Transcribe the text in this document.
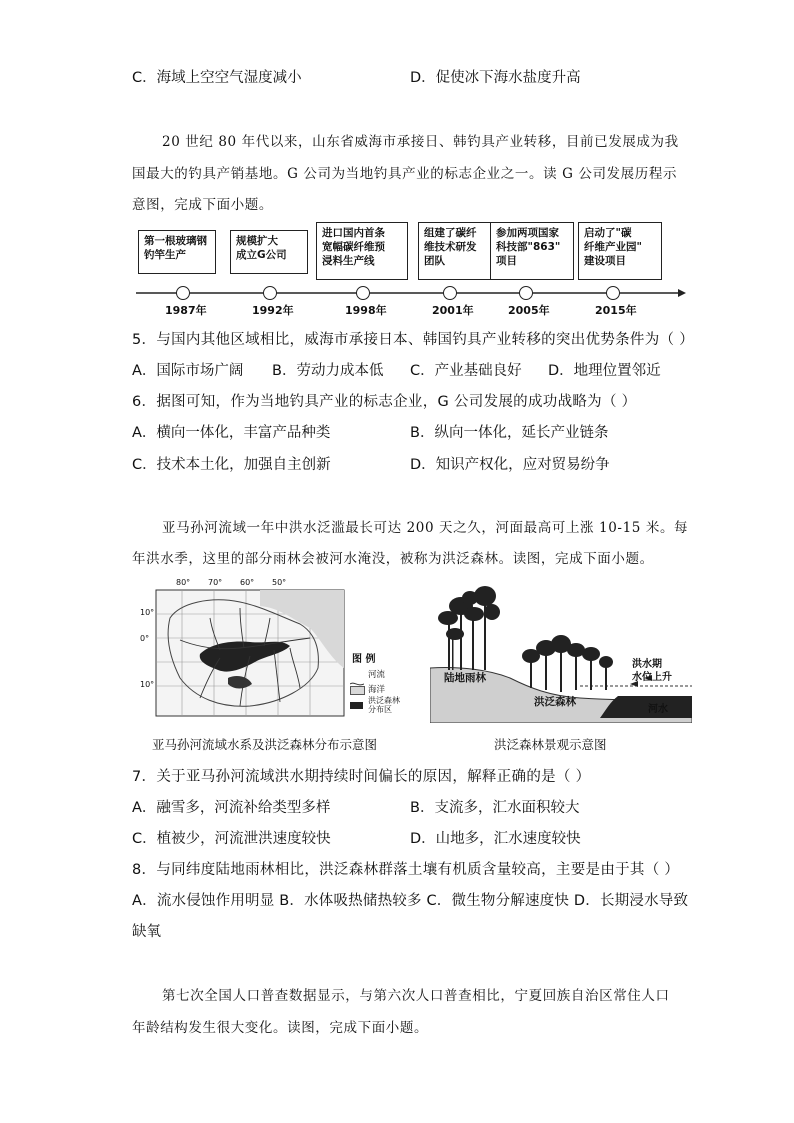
C．海域上空空气湿度减小	D．促使冰下海水盐度升高
20 世纪 80 年代以来，山东省威海市承接日、韩钓具产业转移，目前已发展成为我
国最大的钓具产销基地。G 公司为当地钓具产业的标志企业之一。读 G 公司发展历程示
意图，完成下面小题。
第一根玻璃钢
钓竿生产
1987年
规模扩大
成立G公司
1992年
进口国内首条
宽幅碳纤维预
浸料生产线
1998年
组建了碳纤
维技术研发
团队
2001年
参加两项国家
科技部"863"
项目
2005年
启动了"碳
纤维产业园"
建设项目
2015年
5．与国内其他区域相比，威海市承接日本、韩国钓具产业转移的突出优势条件为（ ）
A．国际市场广阔 B．劳动力成本低 C．产业基础良好 D．地理位置邻近
6．据图可知，作为当地钓具产业的标志企业，G 公司发展的成功战略为（ ）
A．横向一体化，丰富产品种类	B．纵向一体化，延长产业链条
C．技术本土化，加强自主创新	D．知识产权化，应对贸易纷争
亚马孙河流域一年中洪水泛滥最长可达 200 天之久，河面最高可上涨 10-15 米。每
年洪水季，这里的部分雨林会被河水淹没，被称为洪泛森林。读图，完成下面小题。
80° 70° 60° 50°
10°
0°
10°
图 例
河流
海洋
洪泛森林
分布区
亚马孙河流域水系及洪泛森林分布示意图
陆地雨林
洪泛森林
洪水期
水位上升
河水
洪泛森林景观示意图
7．关于亚马孙河流域洪水期持续时间偏长的原因，解释正确的是（ ）
A．融雪多，河流补给类型多样	B．支流多，汇水面积较大
C．植被少，河流泄洪速度较快	D．山地多，汇水速度较快
8．与同纬度陆地雨林相比，洪泛森林群落土壤有机质含量较高，主要是由于其（ ）
A．流水侵蚀作用明显 B．水体吸热储热较多 C．微生物分解速度快 D．长期浸水导致
缺氧
第七次全国人口普查数据显示，与第六次人口普查相比，宁夏回族自治区常住人口
年龄结构发生很大变化。读图，完成下面小题。
